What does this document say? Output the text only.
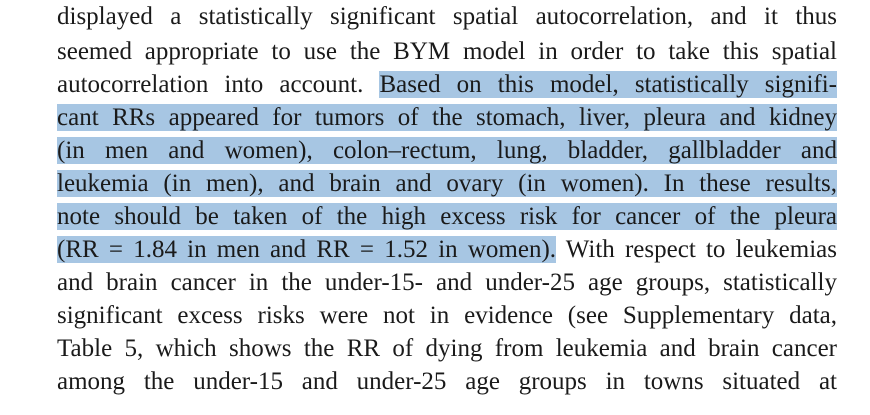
displayed a statistically significant spatial autocorrelation, and it thus
seemed appropriate to use the BYM model in order to take this spatial
autocorrelation into account. Based on this model, statistically signifi-
cant RRs appeared for tumors of the stomach, liver, pleura and kidney
(in men and women), colon–rectum, lung, bladder, gallbladder and
leukemia (in men), and brain and ovary (in women). In these results,
note should be taken of the high excess risk for cancer of the pleura
(RR = 1.84 in men and RR = 1.52 in women). With respect to leukemias
and brain cancer in the under-15- and under-25 age groups, statistically
significant excess risks were not in evidence (see Supplementary data,
Table 5, which shows the RR of dying from leukemia and brain cancer
among the under-15 and under-25 age groups in towns situated at
